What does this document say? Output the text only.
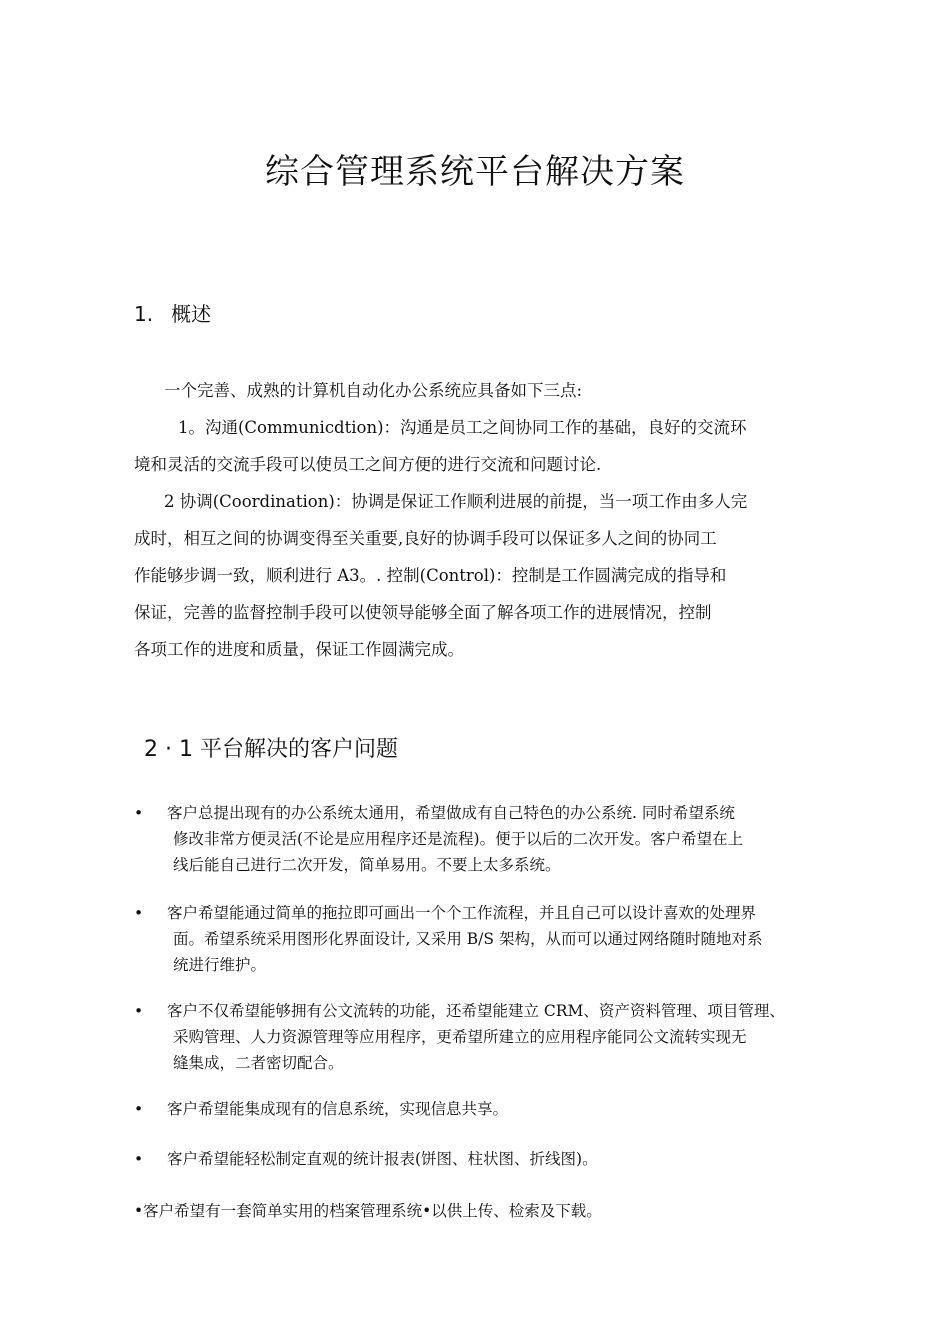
综合管理系统平台解决方案
1. 概述
一个完善、成熟的计算机自动化办公系统应具备如下三点:
1。沟通(Communicdtion)：沟通是员工之间协同工作的基础，良好的交流环
境和灵活的交流手段可以使员工之间方便的进行交流和问题讨论.
2 协调(Coordination)：协调是保证工作顺利进展的前提，当一项工作由多人完
成时，相互之间的协调变得至关重要,良好的协调手段可以保证多人之间的协同工
作能够步调一致，顺利进行 A3。. 控制(Control)：控制是工作圆满完成的指导和
保证，完善的监督控制手段可以使领导能够全面了解各项工作的进展情况，控制
各项工作的进度和质量，保证工作圆满完成。
2 · 1 平台解决的客户问题
•	客户总提出现有的办公系统太通用，希望做成有自己特色的办公系统. 同时希望系统
修改非常方便灵活(不论是应用程序还是流程)。便于以后的二次开发。客户希望在上
线后能自己进行二次开发，简单易用。不要上太多系统。
•	客户希望能通过简单的拖拉即可画出一个个工作流程，并且自己可以设计喜欢的处理界
面。希望系统采用图形化界面设计, 又采用 B/S 架构，从而可以通过网络随时随地对系
统进行维护。
•	客户不仅希望能够拥有公文流转的功能，还希望能建立 CRM、资产资料管理、项目管理、
采购管理、人力资源管理等应用程序，更希望所建立的应用程序能同公文流转实现无
缝集成，二者密切配合。
•	客户希望能集成现有的信息系统，实现信息共享。
•	客户希望能轻松制定直观的统计报表(饼图、柱状图、折线图)。
•客户希望有一套简单实用的档案管理系统•以供上传、检索及下载。
